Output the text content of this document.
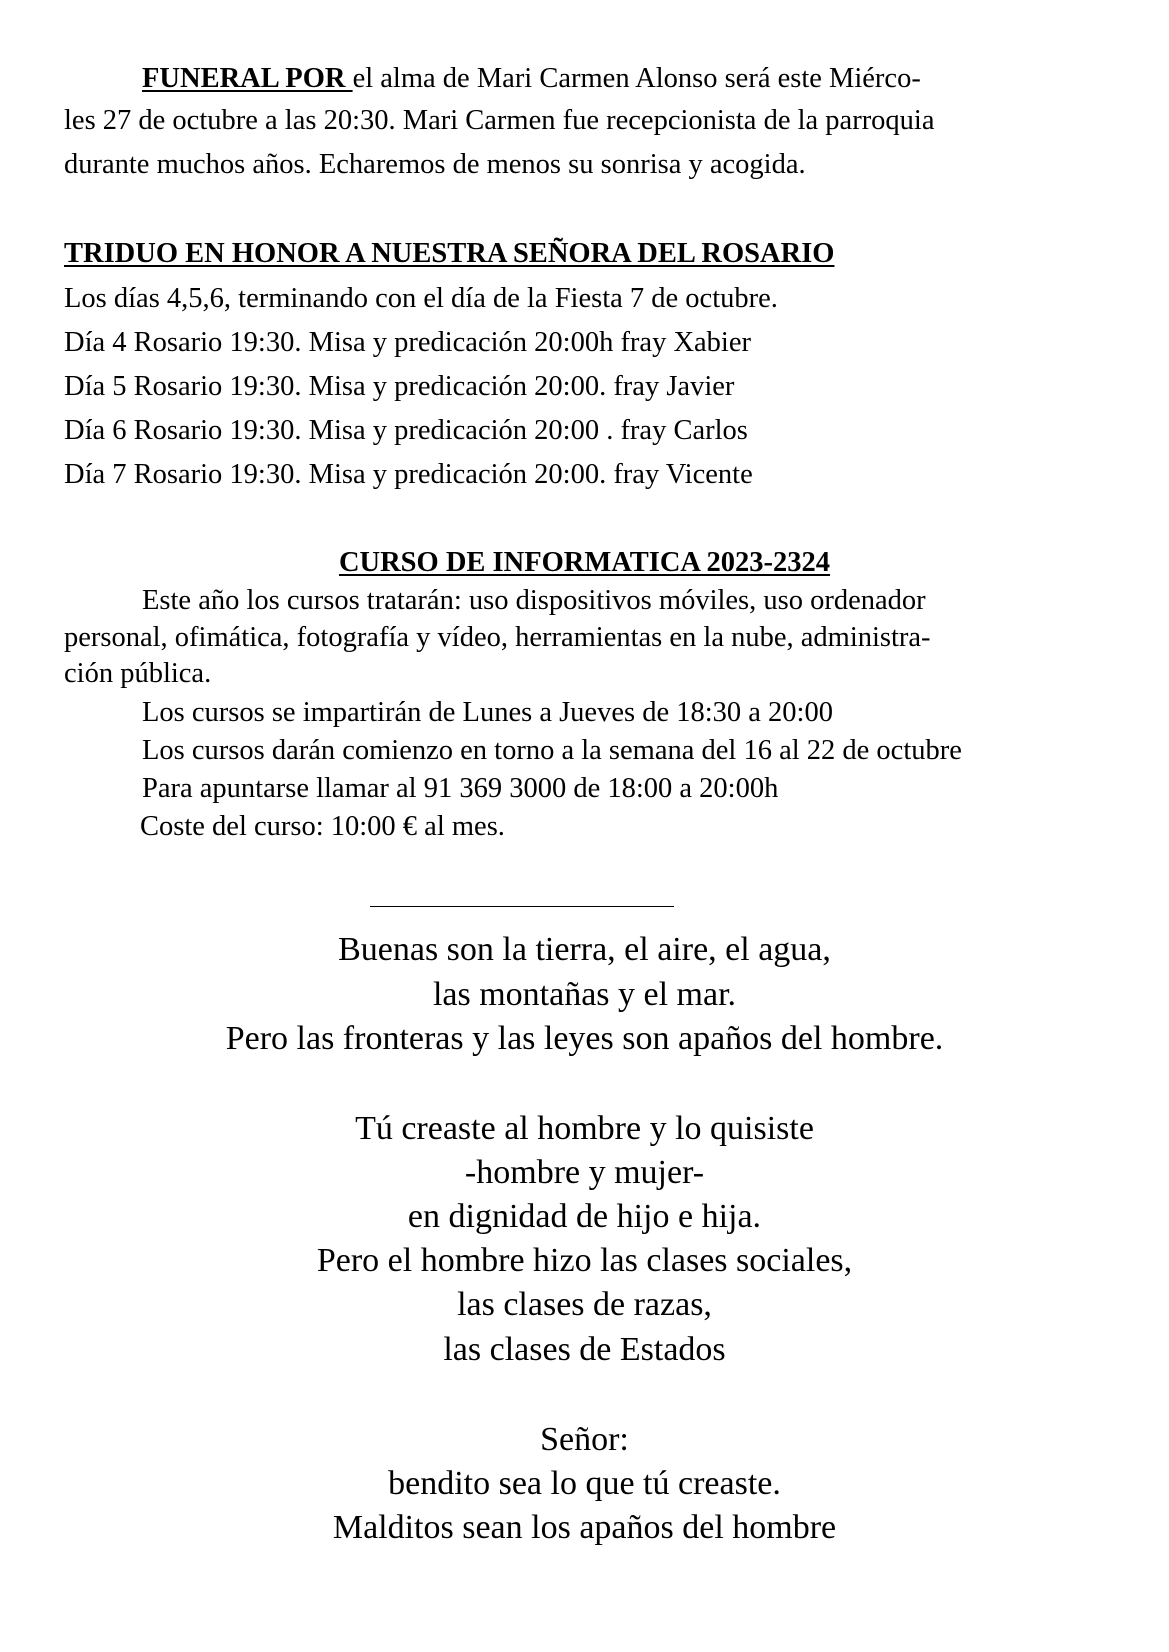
FUNERAL POR el alma de Mari Carmen Alonso será este Miérco-
les 27 de octubre a las 20:30. Mari Carmen fue recepcionista de la parroquia
durante muchos años. Echaremos de menos su sonrisa y acogida.
TRIDUO EN HONOR A NUESTRA SEÑORA DEL ROSARIO
Los días 4,5,6, terminando con el día de la Fiesta 7 de octubre.
Día 4 Rosario 19:30. Misa y predicación 20:00h fray Xabier
Día 5 Rosario 19:30. Misa y predicación 20:00. fray Javier
Día 6 Rosario 19:30. Misa y predicación 20:00 . fray Carlos
Día 7 Rosario 19:30. Misa y predicación 20:00. fray Vicente
CURSO DE INFORMATICA 2023-2324
Este año los cursos tratarán: uso dispositivos móviles, uso ordenador
personal, ofimática, fotografía y vídeo, herramientas en la nube, administra-
ción pública.
Los cursos se impartirán de Lunes a Jueves de 18:30 a 20:00
Los cursos darán comienzo en torno a la semana del 16 al 22 de octubre
Para apuntarse llamar al 91 369 3000 de 18:00 a 20:00h
Coste del curso: 10:00 € al mes.
Buenas son la tierra, el aire, el agua,
las montañas y el mar.
Pero las fronteras y las leyes son apaños del hombre.
Tú creaste al hombre y lo quisiste
-hombre y mujer-
en dignidad de hijo e hija.
Pero el hombre hizo las clases sociales,
las clases de razas,
las clases de Estados
Señor:
bendito sea lo que tú creaste.
Malditos sean los apaños del hombre
